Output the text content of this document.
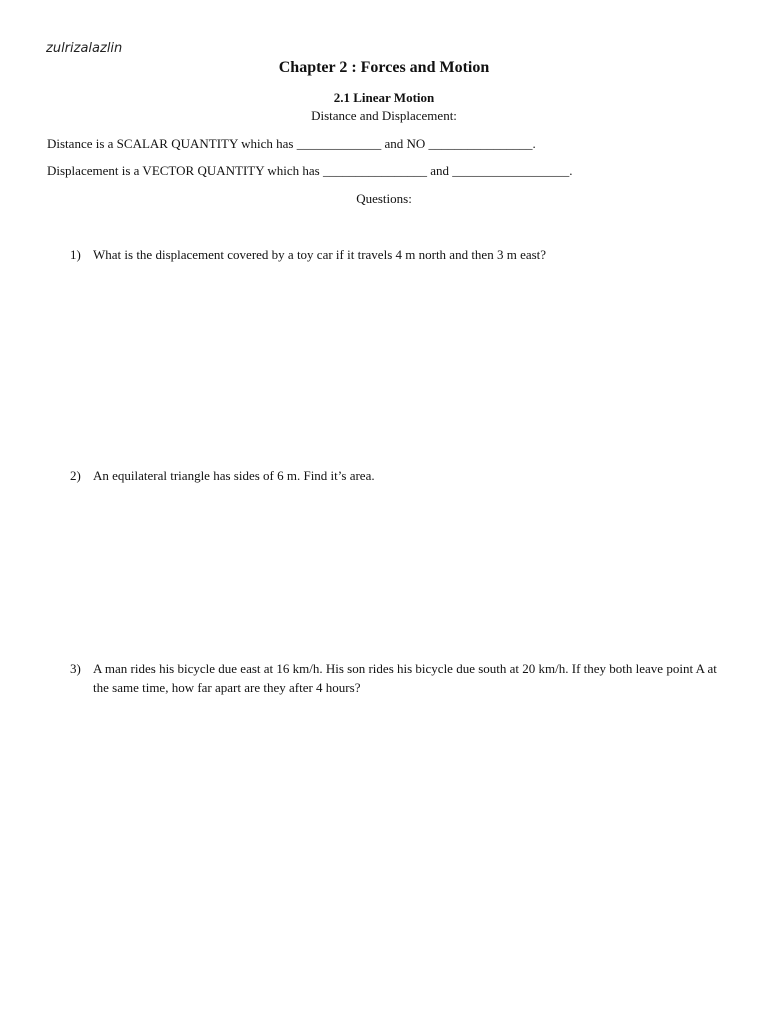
zulrizalazlin
Chapter 2 : Forces and Motion
2.1 Linear Motion
Distance and Displacement:
Distance is a SCALAR QUANTITY which has _____________ and NO ________________.
Displacement is a VECTOR QUANTITY which has ________________ and __________________.
Questions:
1) What is the displacement covered by a toy car if it travels 4 m north and then 3 m east?
2) An equilateral triangle has sides of 6 m. Find it’s area.
3) A man rides his bicycle due east at 16 km/h. His son rides his bicycle due south at 20 km/h. If they both leave point A at the same time, how far apart are they after 4 hours?
